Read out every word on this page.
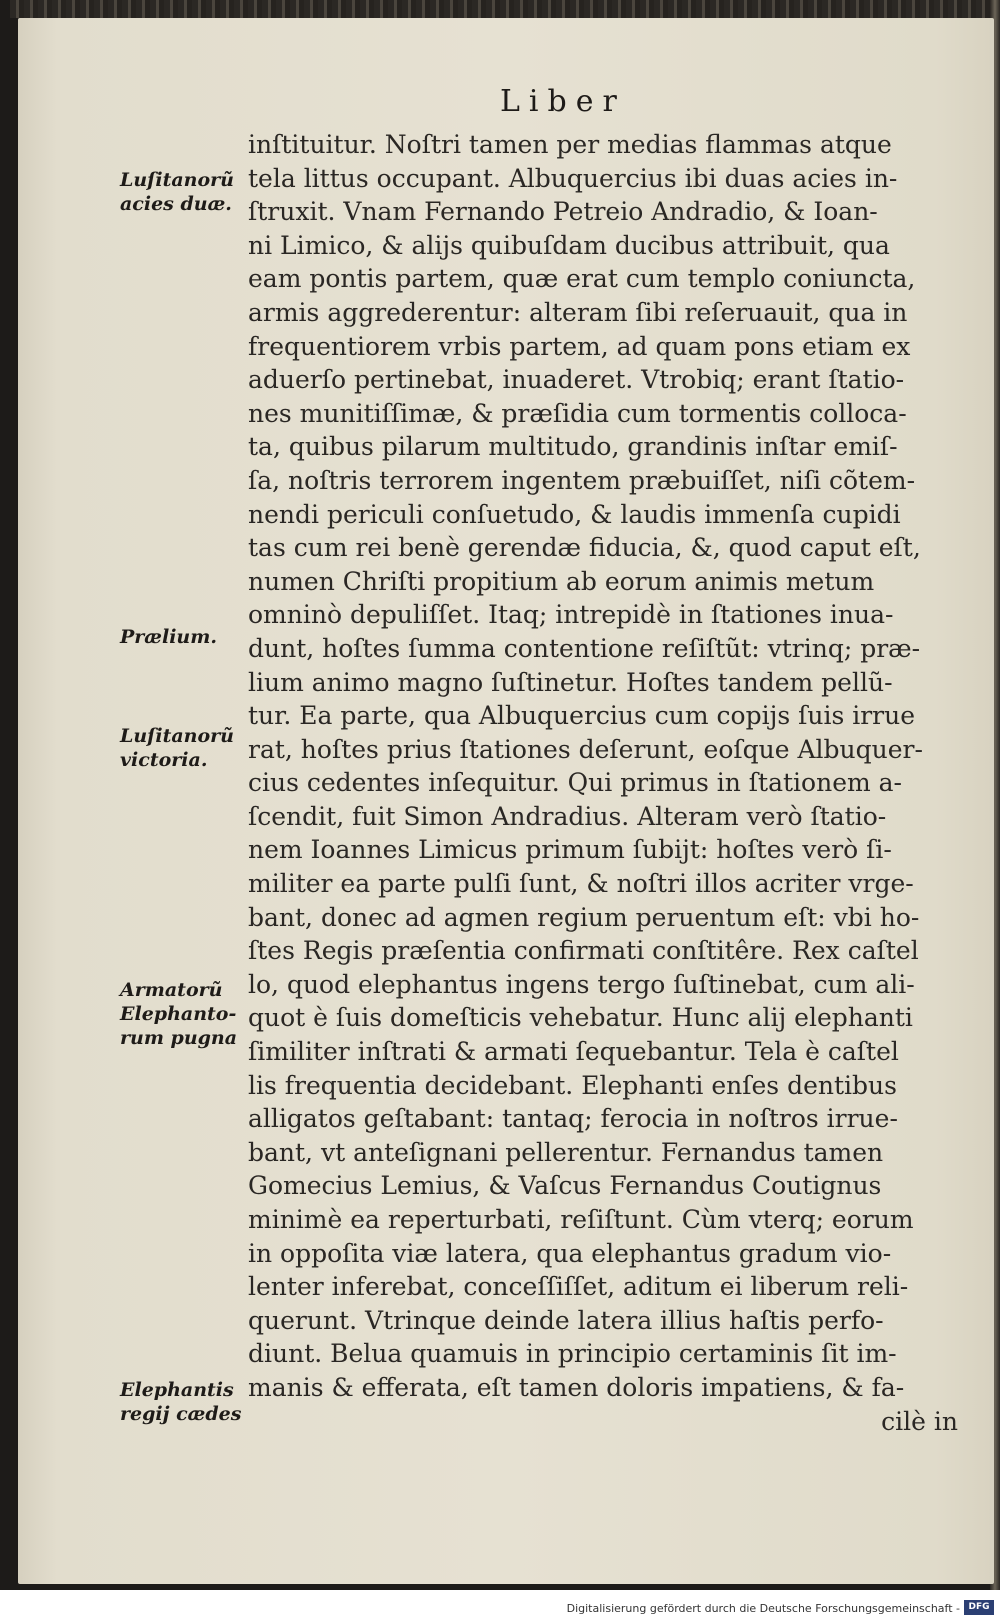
Liber
inſtituitur. Noſtri tamen per medias flammas atque
tela littus occupant. Albuquercius ibi duas acies in-
ſtruxit. Vnam Fernando Petreio Andradio, & Ioan-
ni Limico, & alijs quibuſdam ducibus attribuit, qua
eam pontis partem, quæ erat cum templo coniuncta,
armis aggrederentur: alteram ſibi reſeruauit, qua in
frequentiorem vrbis partem, ad quam pons etiam ex
aduerſo pertinebat, inuaderet. Vtrobiq; erant ſtatio-
nes munitiſſimæ, & præſidia cum tormentis colloca-
ta, quibus pilarum multitudo, grandinis inſtar emiſ-
ſa, noſtris terrorem ingentem præbuiſſet, niſi cõtem-
nendi periculi conſuetudo, & laudis immenſa cupidi
tas cum rei benè gerendæ fiducia, &, quod caput eſt,
numen Chriſti propitium ab eorum animis metum
omninò depuliſſet. Itaq; intrepidè in ſtationes inua-
dunt, hoſtes ſumma contentione reſiſtũt: vtrinq; præ-
lium animo magno ſuſtinetur. Hoſtes tandem pellũ-
tur. Ea parte, qua Albuquercius cum copijs ſuis irrue
rat, hoſtes prius ſtationes deſerunt, eoſque Albuquer-
cius cedentes inſequitur. Qui primus in ſtationem a-
ſcendit, fuit Simon Andradius. Alteram verò ſtatio-
nem Ioannes Limicus primum ſubijt: hoſtes verò ſi-
militer ea parte pulſi ſunt, & noſtri illos acriter vrge-
bant, donec ad agmen regium peruentum eſt: vbi ho-
ſtes Regis præſentia confirmati conſtitêre. Rex caſtel
lo, quod elephantus ingens tergo ſuſtinebat, cum ali-
quot è ſuis domeſticis vehebatur. Hunc alij elephanti
ſimiliter inſtrati & armati ſequebantur. Tela è caſtel
lis frequentia decidebant. Elephanti enſes dentibus
alligatos geſtabant: tantaq; ferocia in noſtros irrue-
bant, vt anteſignani pellerentur. Fernandus tamen
Gomecius Lemius, & Vaſcus Fernandus Coutignus
minimè ea reperturbati, reſiſtunt. Cùm vterq; eorum
in oppoſita viæ latera, qua elephantus gradum vio-
lenter inferebat, conceſſiſſet, aditum ei liberum reli-
querunt. Vtrinque deinde latera illius haſtis perfo-
diunt. Belua quamuis in principio certaminis ſit im-
manis & efferata, eſt tamen doloris impatiens, & fa-
cilè in
Luſitanorũ
acies duæ.
Prælium.
Luſitanorũ
victoria.
Armatorũ
Elephanto-
rum pugna
Elephantis
regij cædes
Digitalisierung gefördert durch die Deutsche Forschungsgemeinschaft - DFG
